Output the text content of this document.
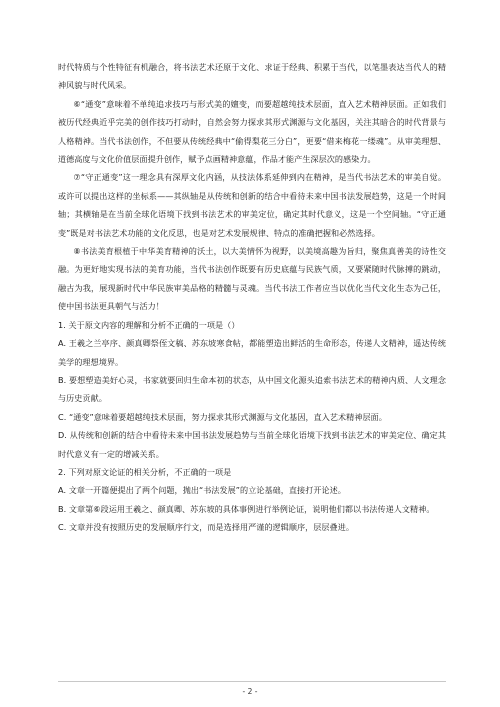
时代特质与个性特征有机融合，将书法艺术还原于文化、求证于经典、积累于当代，以笔墨表达当代人的精神风貌与时代风采。

⑥“通变”意味着不单纯追求技巧与形式美的嬗变，而要超越纯技术层面，直入艺术精神层面。正如我们被历代经典近乎完美的创作技巧打动时，自然会努力探求其形式渊源与文化基因，关注其暗合的时代背景与人格精神。当代书法创作，不但要从传统经典中“偷得梨花三分白”，更要“借来梅花一缕魂”。从审美理想、道德高度与文化价值层面提升创作，赋予点画精神意蕴，作品才能产生深层次的感染力。

⑦“守正通变”这一理念具有深厚文化内涵，从技法体系延伸到内在精神，是当代书法艺术的审美自觉。或许可以提出这样的坐标系——其纵轴是从传统和创新的结合中看待未来中国书法发展趋势，这是一个时间轴；其横轴是在当前全球化语境下找到书法艺术的审美定位，确定其时代意义，这是一个空间轴。“守正通变”既是对书法艺术功能的文化反思，也是对艺术发展规律、特点的准确把握和必然选择。

⑧书法美育根植于中华美育精神的沃土，以大美情怀为视野，以美境高趣为旨归，聚焦真善美的诗性交融。为更好地实现书法的美育功能，当代书法创作既要有历史底蕴与民族气质，又要紧随时代脉搏的跳动，融古为我，展现新时代中华民族审美品格的精髓与灵魂。当代书法工作者应当以优化当代文化生态为己任，使中国书法更具朝气与活力！

1. 关于原文内容的理解和分析不正确的一项是（）

A. 王羲之兰亭序、颜真卿祭侄文稿、苏东坡寒食帖，都能塑造出鲜活的生命形态，传递人文精神，遥达传统美学的理想境界。

B. 要想塑造美好心灵，书家就要回归生命本初的状态，从中国文化源头追索书法艺术的精神内质、人文理念与历史贡献。

C. “通变”意味着要超越纯技术层面，努力探求其形式渊源与文化基因，直入艺术精神层面。

D. 从传统和创新的结合中看待未来中国书法发展趋势与当前全球化语境下找到书法艺术的审美定位、确定其时代意义有一定的增减关系。

2. 下列对原文论证的相关分析，不正确的一项是

A. 文章一开篇便提出了两个问题，抛出“书法发展”的立论基础，直接打开论述。

B. 文章第⑥段运用王羲之、颜真卿、苏东坡的具体事例进行举例论证，说明他们都以书法传递人文精神。

C. 文章并没有按照历史的发展顺序行文，而是选择用严谨的逻辑顺序，层层叠进。

- 2 -
